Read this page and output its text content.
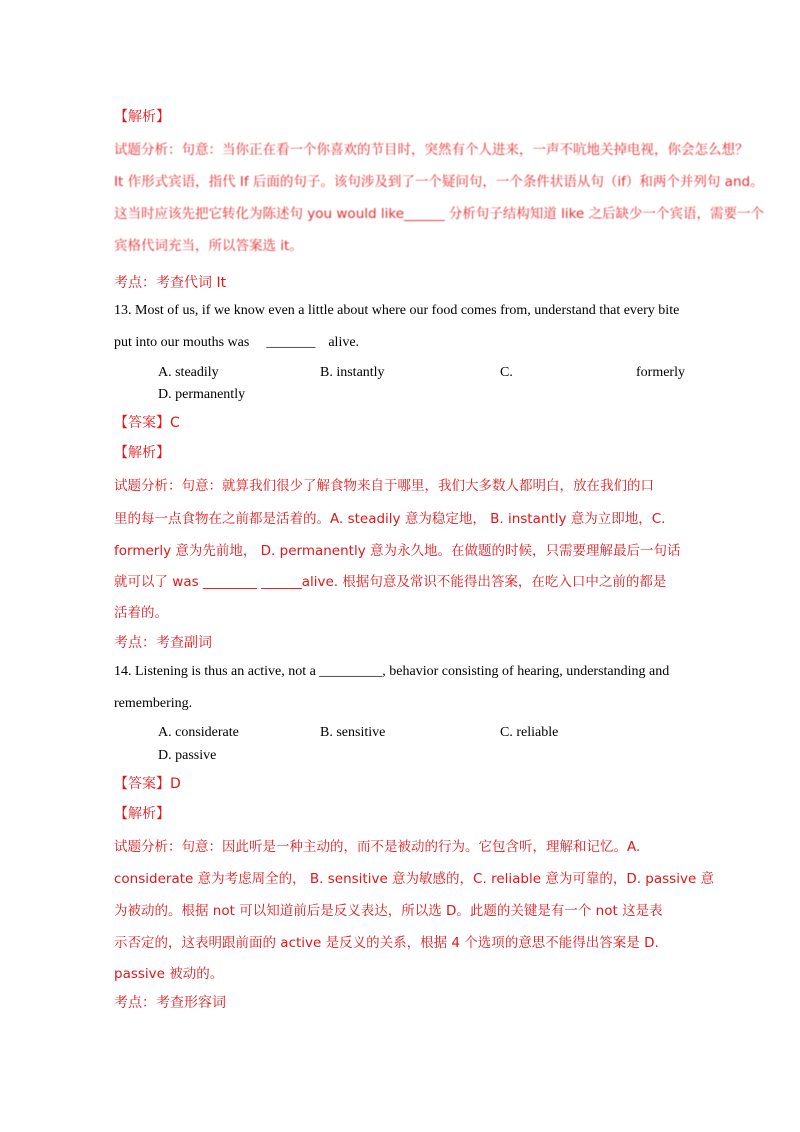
【解析】
试题分析：句意：当你正在看一个你喜欢的节目时，突然有个人进来，一声不吭地关掉电视，你会怎么想？
It 作形式宾语，指代 If 后面的句子。该句涉及到了一个疑问句，一个条件状语从句（if）和两个并列句 and。
这当时应该先把它转化为陈述句 you would like______ 分析句子结构知道 like 之后缺少一个宾语，需要一个
宾格代词充当，所以答案选 it。
考点：考查代词 It
13. Most of us, if we know even a little about where our food comes from, understand that every bite
put into our mouths was _______ alive.
A. steadily	B. instantly	C.	formerly
D. permanently
【答案】C
【解析】
试题分析：句意：就算我们很少了解食物来自于哪里，我们大多数人都明白，放在我们的口
里的每一点食物在之前都是活着的。A. steadily 意为稳定地， B. instantly 意为立即地，C.
formerly 意为先前地， D. permanently 意为永久地。在做题的时候，只需要理解最后一句话
就可以了 was ________ ______alive. 根据句意及常识不能得出答案，在吃入口中之前的都是
活着的。
考点：考查副词
14. Listening is thus an active, not a _________, behavior consisting of hearing, understanding and
remembering.
A. considerate	B. sensitive	C. reliable
D. passive
【答案】D
【解析】
试题分析：句意：因此听是一种主动的，而不是被动的行为。它包含听，理解和记忆。A.
considerate 意为考虑周全的， B. sensitive 意为敏感的，C. reliable 意为可靠的，D. passive 意
为被动的。根据 not 可以知道前后是反义表达，所以选 D。此题的关键是有一个 not 这是表
示否定的，这表明跟前面的 active 是反义的关系，根据 4 个选项的意思不能得出答案是 D.
passive 被动的。
考点：考查形容词
